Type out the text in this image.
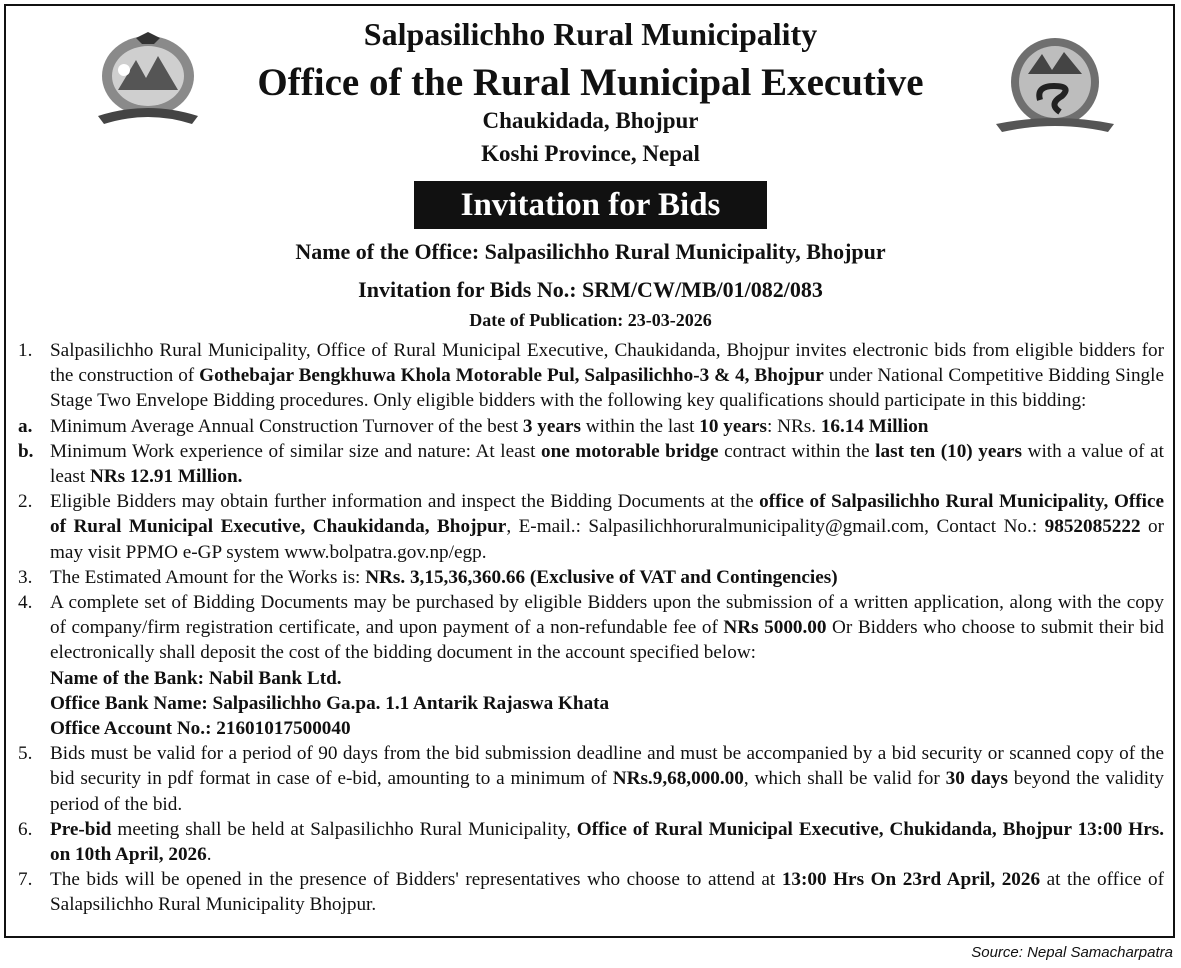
Salpasilichho Rural Municipality
Office of the Rural Municipal Executive
Chaukidada, Bhojpur
Koshi Province, Nepal
Invitation for Bids
Name of the Office: Salpasilichho Rural Municipality, Bhojpur
Invitation for Bids No.: SRM/CW/MB/01/082/083
Date of Publication: 23-03-2026

1. Salpasilichho Rural Municipality, Office of Rural Municipal Executive, Chaukidanda, Bhojpur invites electronic bids from eligible bidders for the construction of Gothebajar Bengkhuwa Khola Motorable Pul, Salpasilichho-3 & 4, Bhojpur under National Competitive Bidding Single Stage Two Envelope Bidding procedures. Only eligible bidders with the following key qualifications should participate in this bidding:
a. Minimum Average Annual Construction Turnover of the best 3 years within the last 10 years: NRs. 16.14 Million
b. Minimum Work experience of similar size and nature: At least one motorable bridge contract within the last ten (10) years with a value of at least NRs 12.91 Million.
2. Eligible Bidders may obtain further information and inspect the Bidding Documents at the office of Salpasilichho Rural Municipality, Office of Rural Municipal Executive, Chaukidanda, Bhojpur, E-mail.: Salpasilichhoruralmunicipality@gmail.com, Contact No.: 9852085222 or may visit PPMO e-GP system www.bolpatra.gov.np/egp.
3. The Estimated Amount for the Works is: NRs. 3,15,36,360.66 (Exclusive of VAT and Contingencies)
4. A complete set of Bidding Documents may be purchased by eligible Bidders upon the submission of a written application, along with the copy of company/firm registration certificate, and upon payment of a non-refundable fee of NRs 5000.00 Or Bidders who choose to submit their bid electronically shall deposit the cost of the bidding document in the account specified below:
Name of the Bank: Nabil Bank Ltd.
Office Bank Name: Salpasilichho Ga.pa. 1.1 Antarik Rajaswa Khata
Office Account No.: 21601017500040
5. Bids must be valid for a period of 90 days from the bid submission deadline and must be accompanied by a bid security or scanned copy of the bid security in pdf format in case of e-bid, amounting to a minimum of NRs.9,68,000.00, which shall be valid for 30 days beyond the validity period of the bid.
6. Pre-bid meeting shall be held at Salpasilichho Rural Municipality, Office of Rural Municipal Executive, Chukidanda, Bhojpur 13:00 Hrs. on 10th April, 2026.
7. The bids will be opened in the presence of Bidders' representatives who choose to attend at 13:00 Hrs On 23rd April, 2026 at the office of Salapsilichho Rural Municipality Bhojpur.
Source: Nepal Samacharpatra
